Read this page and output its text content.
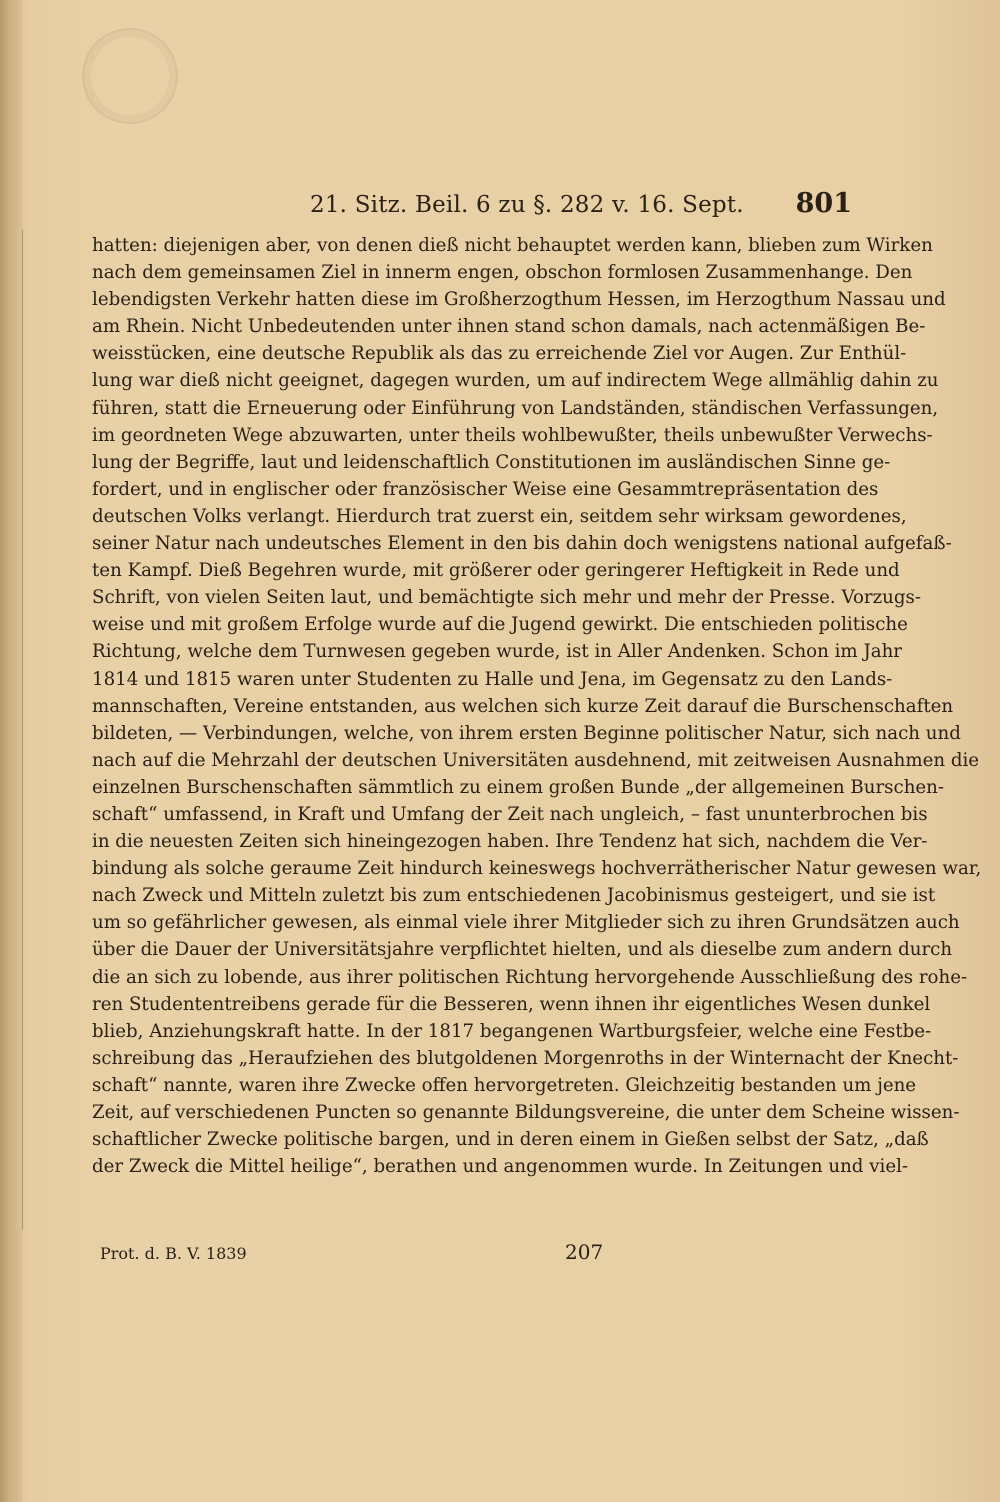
21. Sitz. Beil. 6 zu §. 282 v. 16. Sept. 801
hatten: diejenigen aber, von denen dieß nicht behauptet werden kann, blieben zum Wirken
nach dem gemeinsamen Ziel in innerm engen, obschon formlosen Zusammenhange. Den
lebendigsten Verkehr hatten diese im Großherzogthum Hessen, im Herzogthum Nassau und
am Rhein. Nicht Unbedeutenden unter ihnen stand schon damals, nach actenmäßigen Be-
weisstücken, eine deutsche Republik als das zu erreichende Ziel vor Augen. Zur Enthül-
lung war dieß nicht geeignet, dagegen wurden, um auf indirectem Wege allmählig dahin zu
führen, statt die Erneuerung oder Einführung von Landständen, ständischen Verfassungen,
im geordneten Wege abzuwarten, unter theils wohlbewußter, theils unbewußter Verwechs-
lung der Begriffe, laut und leidenschaftlich Constitutionen im ausländischen Sinne ge-
fordert, und in englischer oder französischer Weise eine Gesammtrepräsentation des
deutschen Volks verlangt. Hierdurch trat zuerst ein, seitdem sehr wirksam gewordenes,
seiner Natur nach undeutsches Element in den bis dahin doch wenigstens national aufgefaß-
ten Kampf. Dieß Begehren wurde, mit größerer oder geringerer Heftigkeit in Rede und
Schrift, von vielen Seiten laut, und bemächtigte sich mehr und mehr der Presse. Vorzugs-
weise und mit großem Erfolge wurde auf die Jugend gewirkt. Die entschieden politische
Richtung, welche dem Turnwesen gegeben wurde, ist in Aller Andenken. Schon im Jahr
1814 und 1815 waren unter Studenten zu Halle und Jena, im Gegensatz zu den Lands-
mannschaften, Vereine entstanden, aus welchen sich kurze Zeit darauf die Burschenschaften
bildeten, — Verbindungen, welche, von ihrem ersten Beginne politischer Natur, sich nach und
nach auf die Mehrzahl der deutschen Universitäten ausdehnend, mit zeitweisen Ausnahmen die
einzelnen Burschenschaften sämmtlich zu einem großen Bunde „der allgemeinen Burschen-
schaft“ umfassend, in Kraft und Umfang der Zeit nach ungleich, – fast ununterbrochen bis
in die neuesten Zeiten sich hineingezogen haben. Ihre Tendenz hat sich, nachdem die Ver-
bindung als solche geraume Zeit hindurch keineswegs hochverrätherischer Natur gewesen war,
nach Zweck und Mitteln zuletzt bis zum entschiedenen Jacobinismus gesteigert, und sie ist
um so gefährlicher gewesen, als einmal viele ihrer Mitglieder sich zu ihren Grundsätzen auch
über die Dauer der Universitätsjahre verpflichtet hielten, und als dieselbe zum andern durch
die an sich zu lobende, aus ihrer politischen Richtung hervorgehende Ausschließung des rohe-
ren Studententreibens gerade für die Besseren, wenn ihnen ihr eigentliches Wesen dunkel
blieb, Anziehungskraft hatte. In der 1817 begangenen Wartburgsfeier, welche eine Festbe-
schreibung das „Heraufziehen des blutgoldenen Morgenroths in der Winternacht der Knecht-
schaft“ nannte, waren ihre Zwecke offen hervorgetreten. Gleichzeitig bestanden um jene
Zeit, auf verschiedenen Puncten so genannte Bildungsvereine, die unter dem Scheine wissen-
schaftlicher Zwecke politische bargen, und in deren einem in Gießen selbst der Satz, „daß
der Zweck die Mittel heilige“, berathen und angenommen wurde. In Zeitungen und viel-
Prot. d. B. V. 1839	207
